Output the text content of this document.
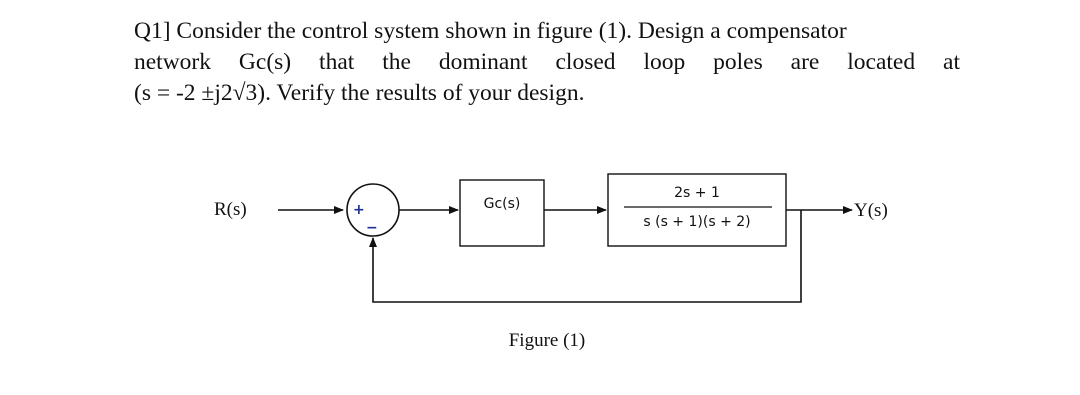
Q1] Consider the control system shown in figure (1). Design a compensator
network Gc(s) that the dominant closed loop poles are located at
(s = -2 ±j2√3). Verify the results of your design.
R(s)	+
−
Gc(s)
2s + 1
s (s + 1)(s + 2)
Y(s)
Figure (1)
